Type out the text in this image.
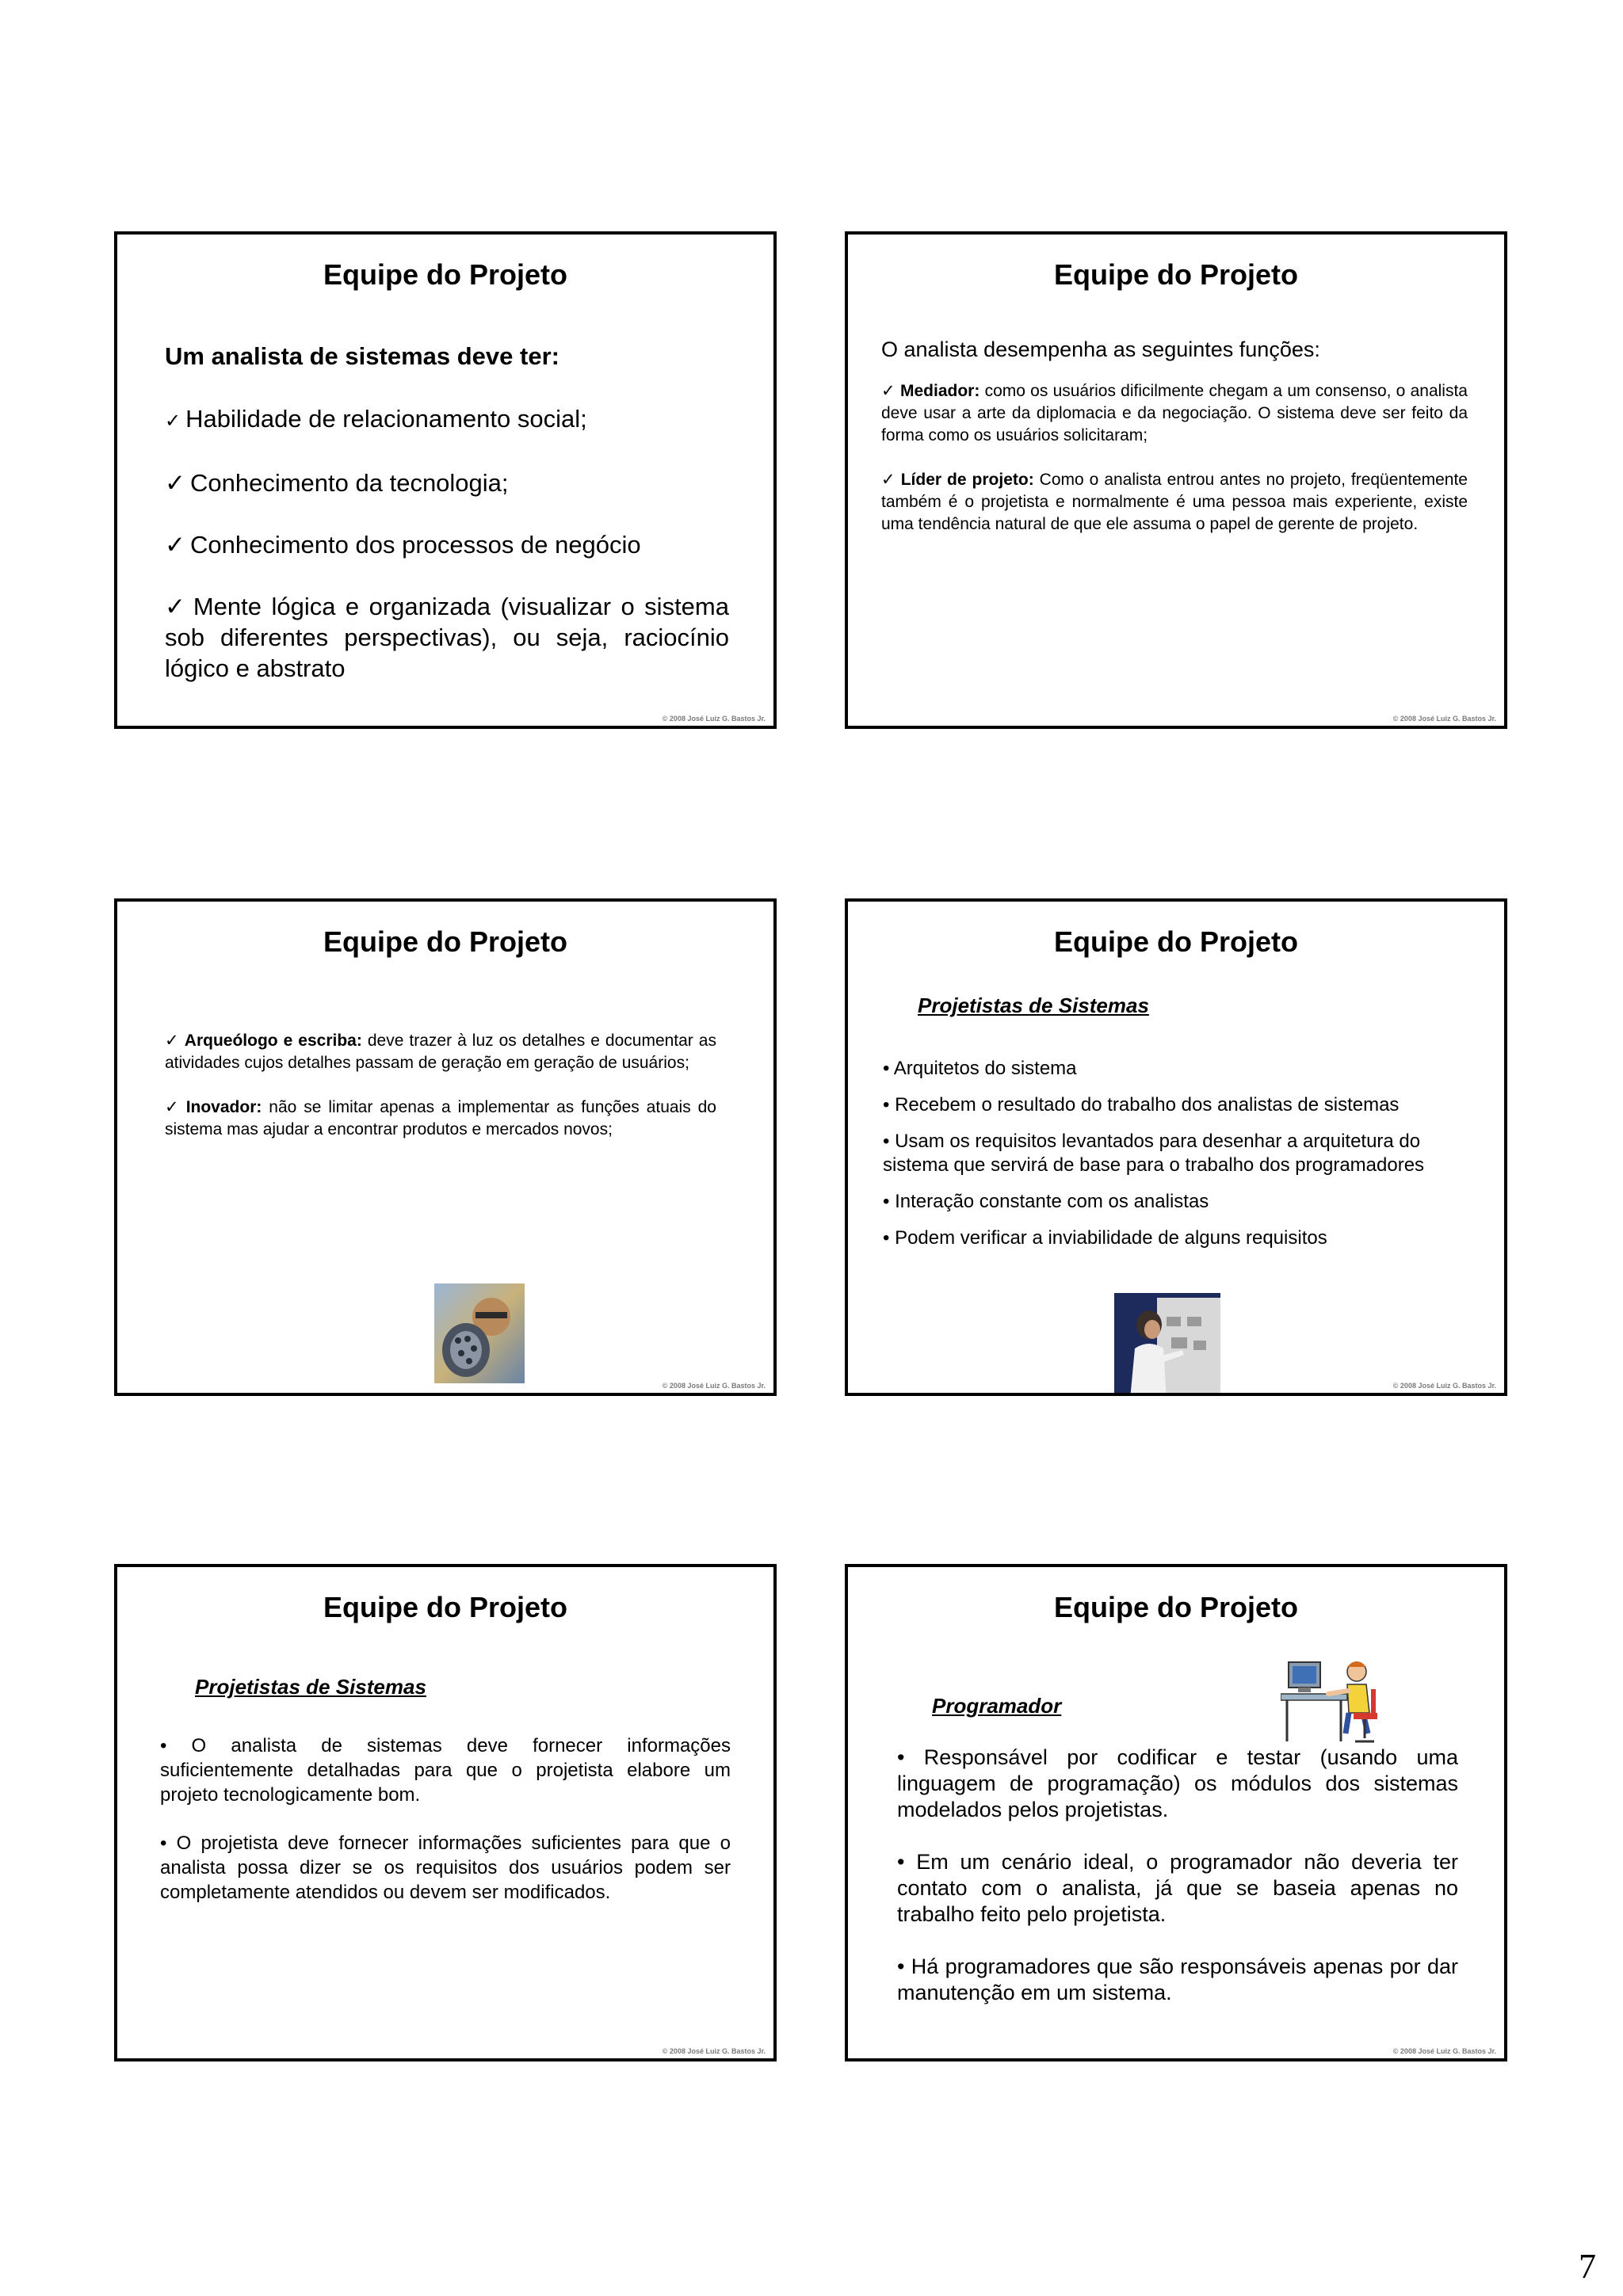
Equipe do Projeto

Um analista de sistemas deve ter:

✓ Habilidade de relacionamento social;

✓ Conhecimento da tecnologia;

✓ Conhecimento dos processos de negócio

✓ Mente lógica e organizada (visualizar o sistema sob diferentes perspectivas), ou seja, raciocínio lógico e abstrato

© 2008 José Luiz G. Bastos Jr.
Equipe do Projeto

O analista desempenha as seguintes funções:

✓ Mediador: como os usuários dificilmente chegam a um consenso, o analista deve usar a arte da diplomacia e da negociação. O sistema deve ser feito da forma como os usuários solicitaram;

✓ Líder de projeto: Como o analista entrou antes no projeto, freqüentemente também é o projetista e normalmente é uma pessoa mais experiente, existe uma tendência natural de que ele assuma o papel de gerente de projeto.

© 2008 José Luiz G. Bastos Jr.
Equipe do Projeto

✓ Arqueólogo e escriba: deve trazer à luz os detalhes e documentar as atividades cujos detalhes passam de geração em geração de usuários;

✓ Inovador: não se limitar apenas a implementar as funções atuais do sistema mas ajudar a encontrar produtos e mercados novos;

© 2008 José Luiz G. Bastos Jr.
Equipe do Projeto
Projetistas de Sistemas

• Arquitetos do sistema

• Recebem o resultado do trabalho dos analistas de sistemas

• Usam os requisitos levantados para desenhar a arquitetura do sistema que servirá de base para o trabalho dos programadores

• Interação constante com os analistas

• Podem verificar a inviabilidade de alguns requisitos

© 2008 José Luiz G. Bastos Jr.
Equipe do Projeto
Projetistas de Sistemas

• O analista de sistemas deve fornecer informações suficientemente detalhadas para que o projetista elabore um projeto tecnologicamente bom.

• O projetista deve fornecer informações suficientes para que o analista possa dizer se os requisitos dos usuários podem ser completamente atendidos ou devem ser modificados.

© 2008 José Luiz G. Bastos Jr.
Equipe do Projeto
Programador

• Responsável por codificar e testar (usando uma linguagem de programação) os módulos dos sistemas modelados pelos projetistas.

• Em um cenário ideal, o programador não deveria ter contato com o analista, já que se baseia apenas no trabalho feito pelo projetista.

• Há programadores que são responsáveis apenas por dar manutenção em um sistema.

© 2008 José Luiz G. Bastos Jr.
7
